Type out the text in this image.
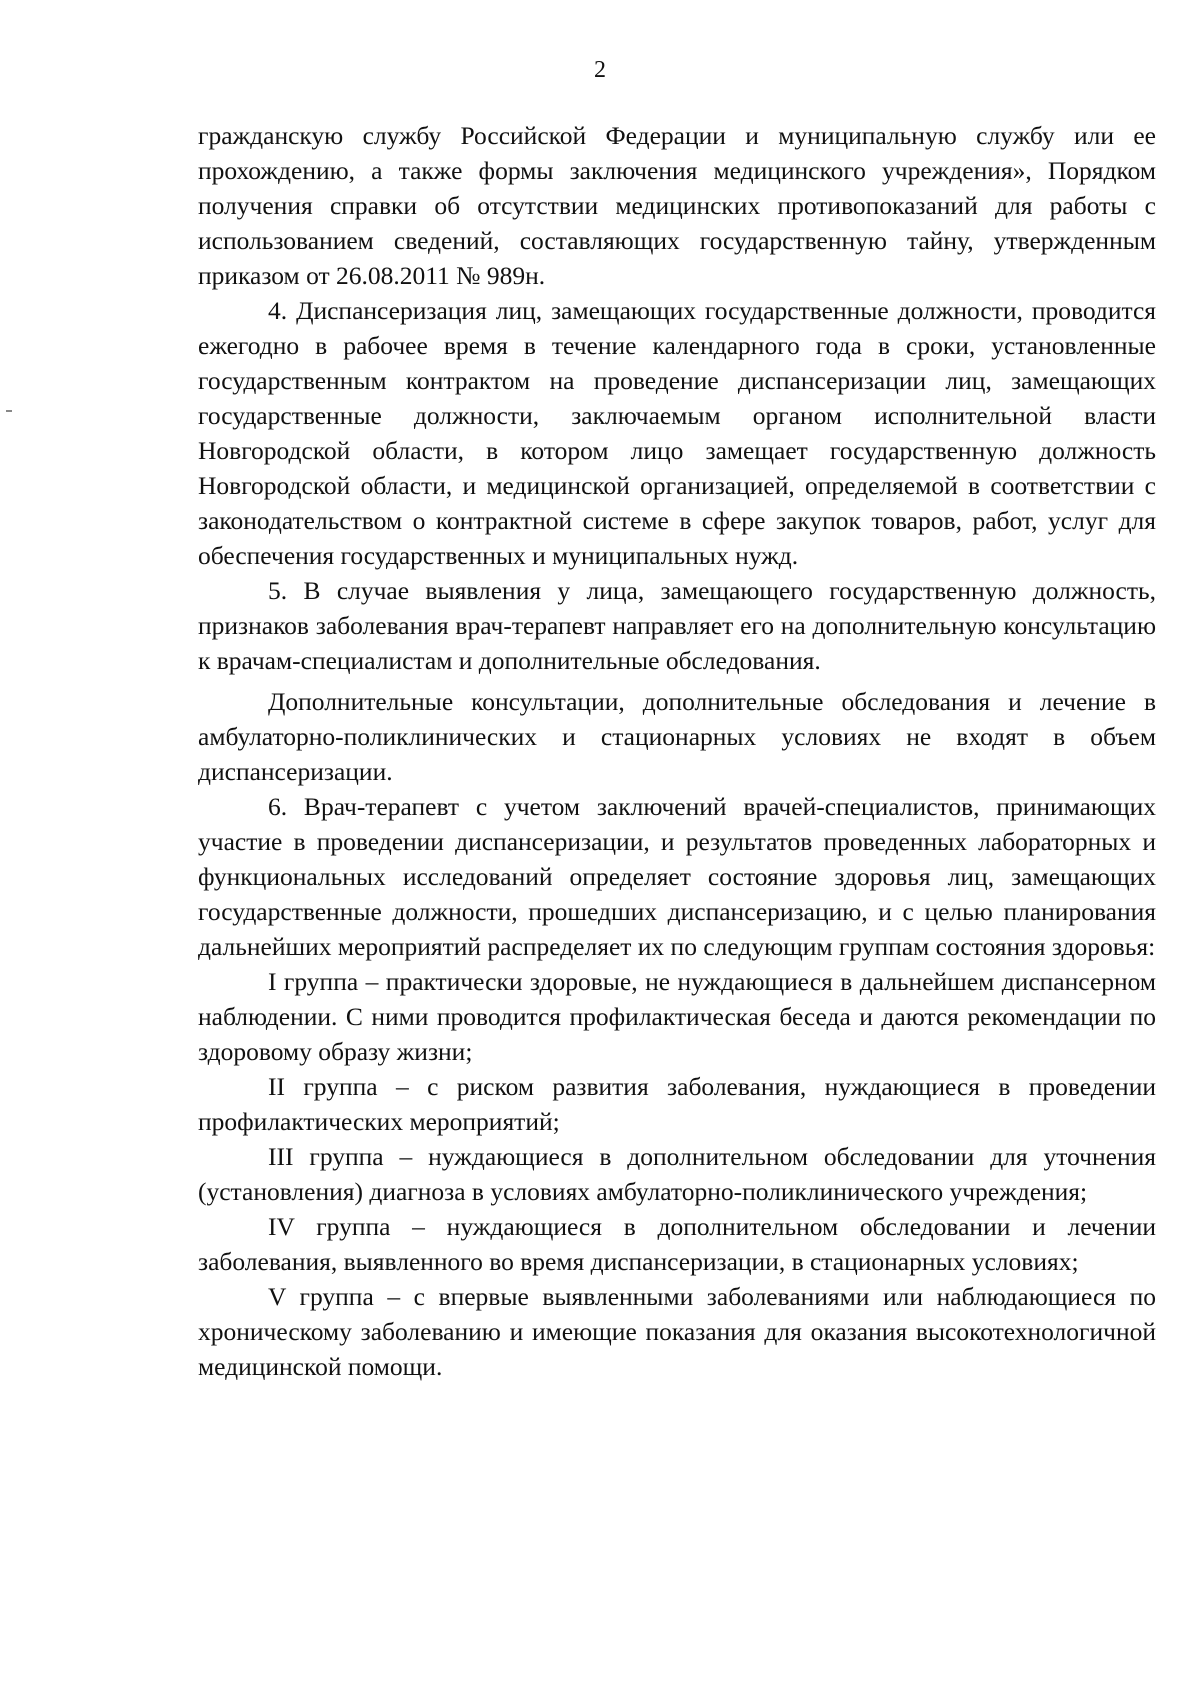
2

гражданскую службу Российской Федерации и муниципальную службу или ее прохождению, а также формы заключения медицинского учреждения», Порядком получения справки об отсутствии медицинских противопоказаний для работы с использованием сведений, составляющих государственную тайну, утвержденным приказом от 26.08.2011 № 989н.

4. Диспансеризация лиц, замещающих государственные должности, проводится ежегодно в рабочее время в течение календарного года в сроки, установленные государственным контрактом на проведение диспансеризации лиц, замещающих государственные должности, заключаемым органом исполнительной власти Новгородской области, в котором лицо замещает государственную должность Новгородской области, и медицинской организацией, определяемой в соответствии с законодательством о контрактной системе в сфере закупок товаров, работ, услуг для обеспечения государственных и муниципальных нужд.

5. В случае выявления у лица, замещающего государственную должность, признаков заболевания врач-терапевт направляет его на дополнительную консультацию к врачам-специалистам и дополнительные обследования.

Дополнительные консультации, дополнительные обследования и лечение в амбулаторно-поликлинических и стационарных условиях не входят в объем диспансеризации.

6. Врач-терапевт с учетом заключений врачей-специалистов, принимающих участие в проведении диспансеризации, и результатов проведенных лабораторных и функциональных исследований определяет состояние здоровья лиц, замещающих государственные должности, прошедших диспансеризацию, и с целью планирования дальнейших мероприятий распределяет их по следующим группам состояния здоровья:

I группа – практически здоровые, не нуждающиеся в дальнейшем диспансерном наблюдении. С ними проводится профилактическая беседа и даются рекомендации по здоровому образу жизни;

II группа – с риском развития заболевания, нуждающиеся в проведении профилактических мероприятий;

III группа – нуждающиеся в дополнительном обследовании для уточнения (установления) диагноза в условиях амбулаторно-поликлинического учреждения;

IV группа – нуждающиеся в дополнительном обследовании и лечении заболевания, выявленного во время диспансеризации, в стационарных условиях;

V группа – с впервые выявленными заболеваниями или наблюдающиеся по хроническому заболеванию и имеющие показания для оказания высокотехнологичной медицинской помощи.
